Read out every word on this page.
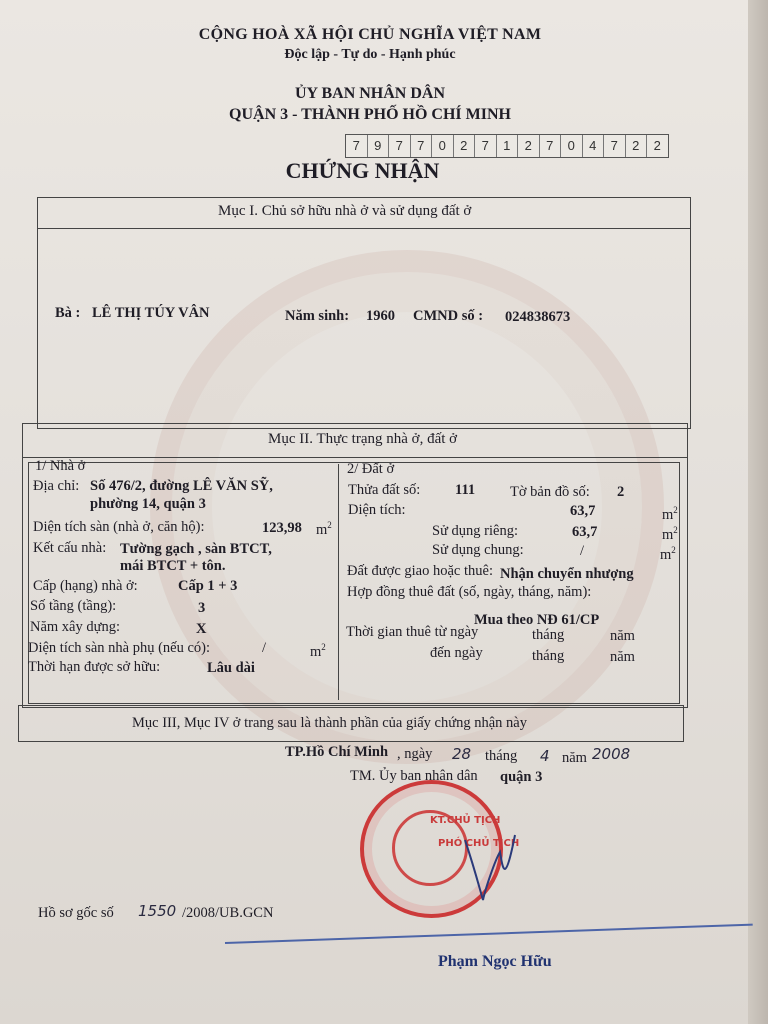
CỘNG HOÀ XÃ HỘI CHỦ NGHĨA VIỆT NAM
Độc lập - Tự do - Hạnh phúc
ỦY BAN NHÂN DÂN
QUẬN 3 - THÀNH PHỐ HỒ CHÍ MINH
7	9	7	7	0	2	7	1	2	7	0	4	7	2	2
CHỨNG NHẬN
Mục I. Chủ sở hữu nhà ở và sử dụng đất ở
Bà : LÊ THỊ TÚY VÂN	Năm sinh: 1960 CMND số : 024838673
Mục II. Thực trạng nhà ở, đất ở
1/ Nhà ở
Địa chỉ: Số 476/2, đường LÊ VĂN SỸ,
phường 14, quận 3
Diện tích sàn (nhà ở, căn hộ):	123,98 $m^2$
Kết cấu nhà: Tường gạch , sàn BTCT,
mái BTCT + tôn.
Cấp (hạng) nhà ở:	Cấp 1 + 3
Số tầng (tầng):	3
Năm xây dựng:	X
Diện tích sàn nhà phụ (nếu có):	/	$m^2$
Thời hạn được sở hữu:	Lâu dài
2/ Đất ở
Thửa đất số: 111 Tờ bản đồ số: 2
Diện tích:	63,7	$m^2$
Sử dụng riêng:	63,7	$m^2$
Sử dụng chung:	/	$m^2$
Đất được giao hoặc thuê: Nhận chuyển nhượng
Hợp đồng thuê đất (số, ngày, tháng, năm):
Mua theo NĐ 61/CP
Thời gian thuê từ ngày	tháng	năm
đến ngày	tháng	năm
Mục III, Mục IV ở trang sau là thành phần của giấy chứng nhận này
TP.Hồ Chí Minh , ngày 28 tháng 4 năm 2008
TM. Ủy ban nhân dân quận 3
KT.CHỦ TỊCH
PHÓ CHỦ TỊCH
Hồ sơ gốc số 1550 /2008/UB.GCN
Phạm Ngọc Hữu
